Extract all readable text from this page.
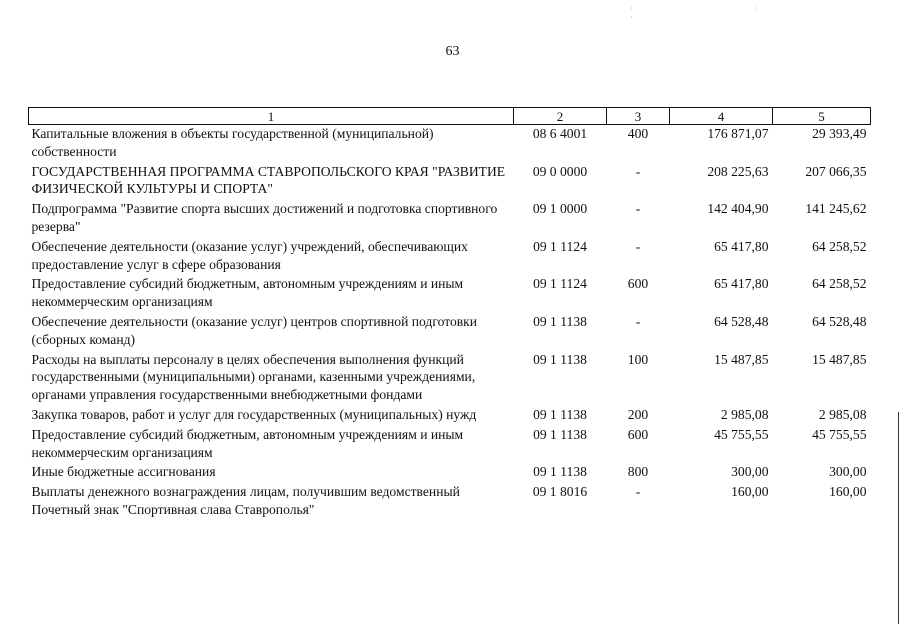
· · ·
63
1	2	3	4	5
Капитальные вложения в объекты государственной (муниципальной) собственности	08 6 4001	400	176 871,07	29 393,49
ГОСУДАРСТВЕННАЯ ПРОГРАММА СТАВРОПОЛЬСКОГО КРАЯ "РАЗВИТИЕ ФИЗИЧЕСКОЙ КУЛЬТУРЫ И СПОРТА"	09 0 0000	-	208 225,63	207 066,35
Подпрограмма "Развитие спорта высших достижений и подготовка спортивного резерва"	09 1 0000	-	142 404,90	141 245,62
Обеспечение деятельности (оказание услуг) учреждений, обеспечивающих предоставление услуг в сфере образования	09 1 1124	-	65 417,80	64 258,52
Предоставление субсидий бюджетным, автономным учреждениям и иным некоммерческим организациям	09 1 1124	600	65 417,80	64 258,52
Обеспечение деятельности (оказание услуг) центров спортивной подготовки (сборных команд)	09 1 1138	-	64 528,48	64 528,48
Расходы на выплаты персоналу в целях обеспечения выполнения функций государственными (муниципальными) органами, казенными учреждениями, органами управления государственными внебюджетными фондами	09 1 1138	100	15 487,85	15 487,85
Закупка товаров, работ и услуг для государственных (муниципальных) нужд	09 1 1138	200	2 985,08	2 985,08
Предоставление субсидий бюджетным, автономным учреждениям и иным некоммерческим организациям	09 1 1138	600	45 755,55	45 755,55
Иные бюджетные ассигнования	09 1 1138	800	300,00	300,00
Выплаты денежного вознаграждения лицам, получившим ведомственный Почетный знак "Спортивная слава Ставрополья"	09 1 8016	-	160,00	160,00
